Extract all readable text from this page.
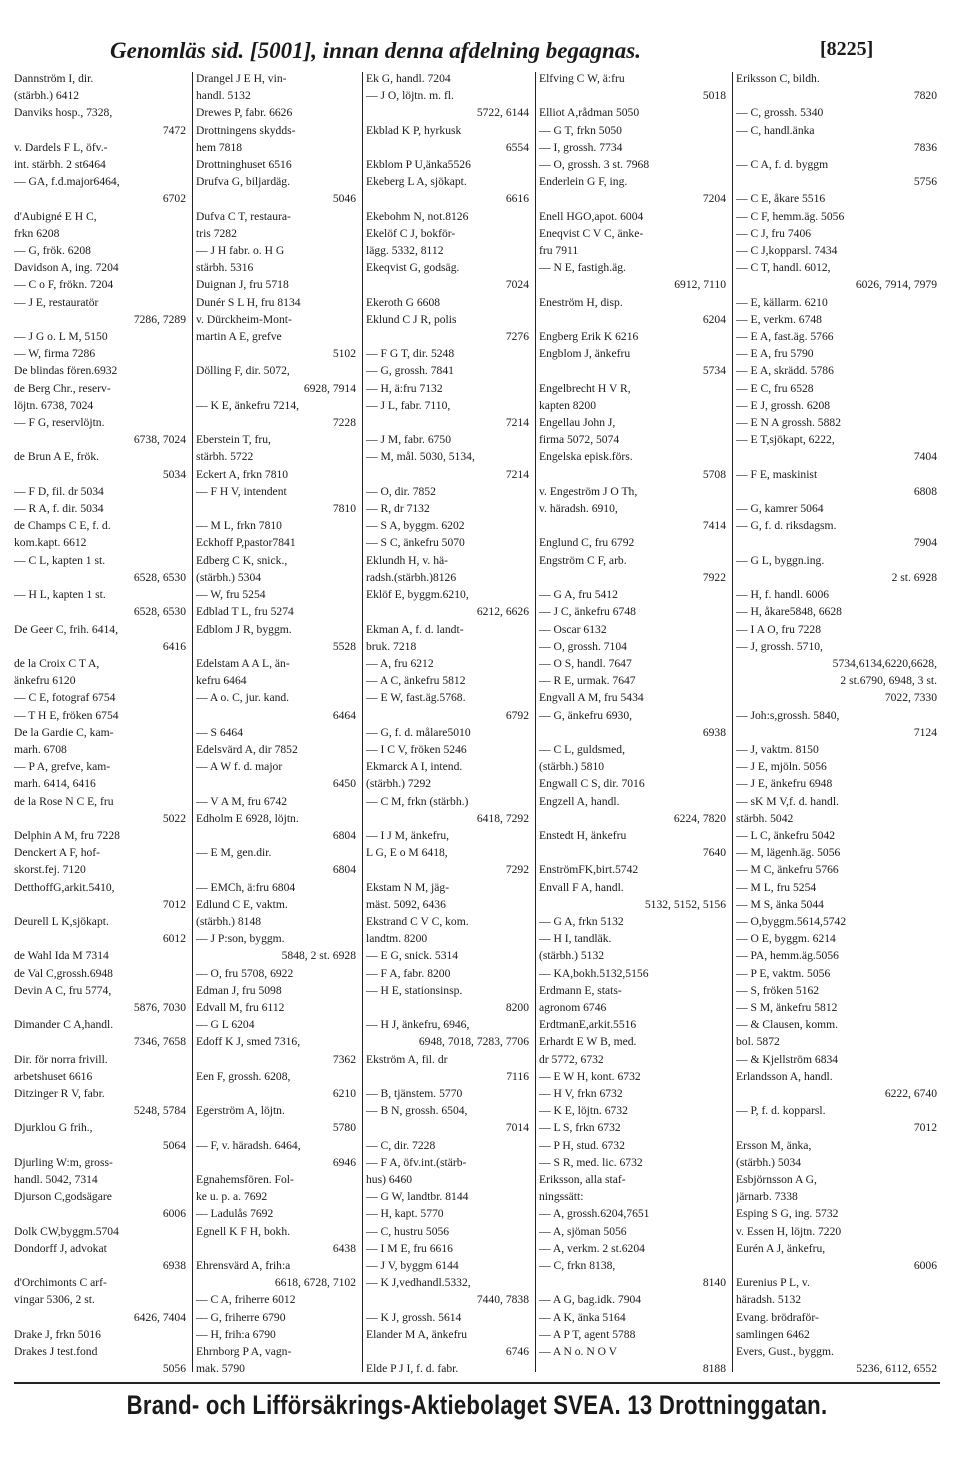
Genomläs sid. [5001], innan denna afdelning begagnas.	[8225]
Dannström I, dir.
(stärbh.) 6412
Danviks hosp., 7328,
7472
v. Dardels F L, öfv.-
int. stärbh. 2 st6464
— GA, f.d.major6464,
6702
d'Aubigné E H C,
frkn 6208
— G, frök. 6208
Davidson A, ing. 7204
— C o F, frökn. 7204
— J E, restauratör
7286, 7289
— J G o. L M, 5150
— W, firma 7286
De blindas fören.6932
de Berg Chr., reserv-
löjtn. 6738, 7024
— F G, reservlöjtn.
6738, 7024
de Brun A E, frök.
5034
— F D, fil. dr 5034
— R A, f. dir. 5034
de Champs C E, f. d.
kom.kapt. 6612
— C L, kapten 1 st.
6528, 6530
— H L, kapten 1 st.
6528, 6530
De Geer C, frih. 6414,
6416
de la Croix C T A,
änkefru 6120
— C E, fotograf 6754
— T H E, fröken 6754
De la Gardie C, kam-
marh. 6708
— P A, grefve, kam-
marh. 6414, 6416
de la Rose N C E, fru
5022
Delphin A M, fru 7228
Denckert A F, hof-
skorst.fej. 7120
DetthoffG,arkit.5410,
7012
Deurell L K,sjökapt.
6012
de Wahl Ida M 7314
de Val C,grossh.6948
Devin A C, fru 5774,
5876, 7030
Dimander C A,handl.
7346, 7658
Dir. för norra frivill.
arbetshuset 6616
Ditzinger R V, fabr.
5248, 5784
Djurklou G frih.,
5064
Djurling W:m, gross-
handl. 5042, 7314
Djurson C,godsägare
6006
Dolk CW,byggm.5704
Dondorff J, advokat
6938
d'Orchimonts C arf-
vingar 5306, 2 st.
6426, 7404
Drake J, frkn 5016
Drakes J test.fond
5056
Drangel J E H, vin-
handl. 5132
Drewes P, fabr. 6626
Drottningens skydds-
hem 7818
Drottninghuset 6516
Drufva G, biljardäg.
5046
Dufva C T, restaura-
tris 7282
— J H fabr. o. H G
stärbh. 5316
Duignan J, fru 5718
Dunér S L H, fru 8134
v. Dürckheim-Mont-
martin A E, grefve
5102
Dölling F, dir. 5072,
6928, 7914
— K E, änkefru 7214,
7228
Eberstein T, fru,
stärbh. 5722
Eckert A, frkn 7810
— F H V, intendent
7810
— M L, frkn 7810
Eckhoff P,pastor7841
Edberg C K, snick.,
(stärbh.) 5304
— W, fru 5254
Edblad T L, fru 5274
Edblom J R, byggm.
5528
Edelstam A A L, än-
kefru 6464
— A o. C, jur. kand.
6464
— S 6464
Edelsvärd A, dir 7852
— A W f. d. major
6450
— V A M, fru 6742
Edholm E 6928, löjtn.
6804
— E M, gen.dir.
6804
— EMCh, ä:fru 6804
Edlund C E, vaktm.
(stärbh.) 8148
— J P:son, byggm.
5848, 2 st. 6928
— O, fru 5708, 6922
Edman J, fru 5098
Edvall M, fru 6112
— G L 6204
Edoff K J, smed 7316,
7362
Een F, grossh. 6208,
6210
Egerström A, löjtn.
5780
— F, v. häradsh. 6464,
6946
Egnahemsfören. Fol-
ke u. p. a. 7692
— Ladulås 7692
Egnell K F H, bokh.
6438
Ehrensvärd A, frih:a
6618, 6728, 7102
— C A, friherre 6012
— G, friherre 6790
— H, frih:a 6790
Ehrnborg P A, vagn-
mak. 5790
Ek G, handl. 7204
— J O, löjtn. m. fl.
5722, 6144
Ekblad K P, hyrkusk
6554
Ekblom P U,änka5526
Ekeberg L A, sjökapt.
6616
Ekebohm N, not.8126
Ekelöf C J, bokför-
lägg. 5332, 8112
Ekeqvist G, godsäg.
7024
Ekeroth G 6608
Eklund C J R, polis
7276
— F G T, dir. 5248
— G, grossh. 7841
— H, ä:fru 7132
— J L, fabr. 7110,
7214
— J M, fabr. 6750
— M, mål. 5030, 5134,
7214
— O, dir. 7852
— R, dr 7132
— S A, byggm. 6202
— S C, änkefru 5070
Eklundh H, v. hä-
radsh.(stärbh.)8126
Eklöf E, byggm.6210,
6212, 6626
Ekman A, f. d. landt-
bruk. 7218
— A, fru 6212
— A C, änkefru 5812
— E W, fast.äg.5768.
6792
— G, f. d. målare5010
— I C V, fröken 5246
Ekmarck A I, intend.
(stärbh.) 7292
— C M, frkn (stärbh.)
6418, 7292
— I J M, änkefru,
L G, E o M 6418,
7292
Ekstam N M, jäg-
mäst. 5092, 6436
Ekstrand C V C, kom.
landtm. 8200
— E G, snick. 5314
— F A, fabr. 8200
— H E, stationsinsp.
8200
— H J, änkefru, 6946,
6948, 7018, 7283, 7706
Ekström A, fil. dr
7116
— B, tjänstem. 5770
— B N, grossh. 6504,
7014
— C, dir. 7228
— F A, öfv.int.(stärb-
hus) 6460
— G W, landtbr. 8144
— H, kapt. 5770
— C, hustru 5056
— I M E, fru 6616
— J V, byggm 6144
— K J,vedhandl.5332,
7440, 7838
— K J, grossh. 5614
Elander M A, änkefru
6746
Elde P J I, f. d. fabr.
Elfving C W, ä:fru
5018
Elliot A,rådman 5050
— G T, frkn 5050
— I, grossh. 7734
— O, grossh. 3 st. 7968
Enderlein G F, ing.
7204
Enell HGO,apot. 6004
Eneqvist C V C, änke-
fru 7911
— N E, fastigh.äg.
6912, 7110
Eneström H, disp.
6204
Engberg Erik K 6216
Engblom J, änkefru
5734
Engelbrecht H V R,
kapten 8200
Engellau John J,
firma 5072, 5074
Engelska episk.förs.
5708
v. Engeström J O Th,
v. häradsh. 6910,
7414
Englund C, fru 6792
Engström C F, arb.
7922
— G A, fru 5412
— J C, änkefru 6748
— Oscar 6132
— O, grossh. 7104
— O S, handl. 7647
— R E, urmak. 7647
Engvall A M, fru 5434
— G, änkefru 6930,
6938
— C L, guldsmed,
(stärbh.) 5810
Engwall C S, dir. 7016
Engzell A, handl.
6224, 7820
Enstedt H, änkefru
7640
EnströmFK,birt.5742
Envall F A, handl.
5132, 5152, 5156
— G A, frkn 5132
— H I, tandläk.
(stärbh.) 5132
— KA,bokh.5132,5156
Erdmann E, stats-
agronom 6746
ErdtmanE,arkit.5516
Erhardt E W B, med.
dr 5772, 6732
— E W H, kont. 6732
— H V, frkn 6732
— K E, löjtn. 6732
— L S, frkn 6732
— P H, stud. 6732
— S R, med. lic. 6732
Eriksson, alla staf-
ningssätt:
— A, grossh.6204,7651
— A, sjöman 5056
— A, verkm. 2 st.6204
— C, frkn 8138,
8140
— A G, bag.idk. 7904
— A K, änka 5164
— A P T, agent 5788
— A N o. N O V
8188
Eriksson C, bildh.
7820
— C, grossh. 5340
— C, handl.änka
7836
— C A, f. d. byggm
5756
— C E, åkare 5516
— C F, hemm.äg. 5056
— C J, fru 7406
— C J,kopparsl. 7434
— C T, handl. 6012,
6026, 7914, 7979
— E, källarm. 6210
— E, verkm. 6748
— E A, fast.äg. 5766
— E A, fru 5790
— E A, skrädd. 5786
— E C, fru 6528
— E J, grossh. 6208
— E N A grossh. 5882
— E T,sjökapt, 6222,
7404
— F E, maskinist
6808
— G, kamrer 5064
— G, f. d. riksdagsm.
7904
— G L, byggn.ing.
2 st. 6928
— H, f. handl. 6006
— H, åkare5848, 6628
— I A O, fru 7228
— J, grossh. 5710,
5734,6134,6220,6628,
2 st.6790, 6948, 3 st.
7022, 7330
— Joh:s,grossh. 5840,
7124
— J, vaktm. 8150
— J E, mjöln. 5056
— J E, änkefru 6948
— sK M V,f. d. handl.
stärbh. 5042
— L C, änkefru 5042
— M, lägenh.äg. 5056
— M C, änkefru 5766
— M L, fru 5254
— M S, änka 5044
— O,byggm.5614,5742
— O E, byggm. 6214
— PA, hemm.äg.5056
— P E, vaktm. 5056
— S, fröken 5162
— S M, änkefru 5812
— & Clausen, komm.
bol. 5872
— & Kjellström 6834
Erlandsson A, handl.
6222, 6740
— P, f. d. kopparsl.
7012
Ersson M, änka,
(stärbh.) 5034
Esbjörnsson A G,
järnarb. 7338
Esping S G, ing. 5732
v. Essen H, löjtn. 7220
Eurén A J, änkefru,
6006
Eurenius P L, v.
häradsh. 5132
Evang. brödraför-
samlingen 6462
Evers, Gust., byggm.
5236, 6112, 6552
Brand- och Lifförsäkrings-Aktiebolaget SVEA. 13 Drottninggatan.
